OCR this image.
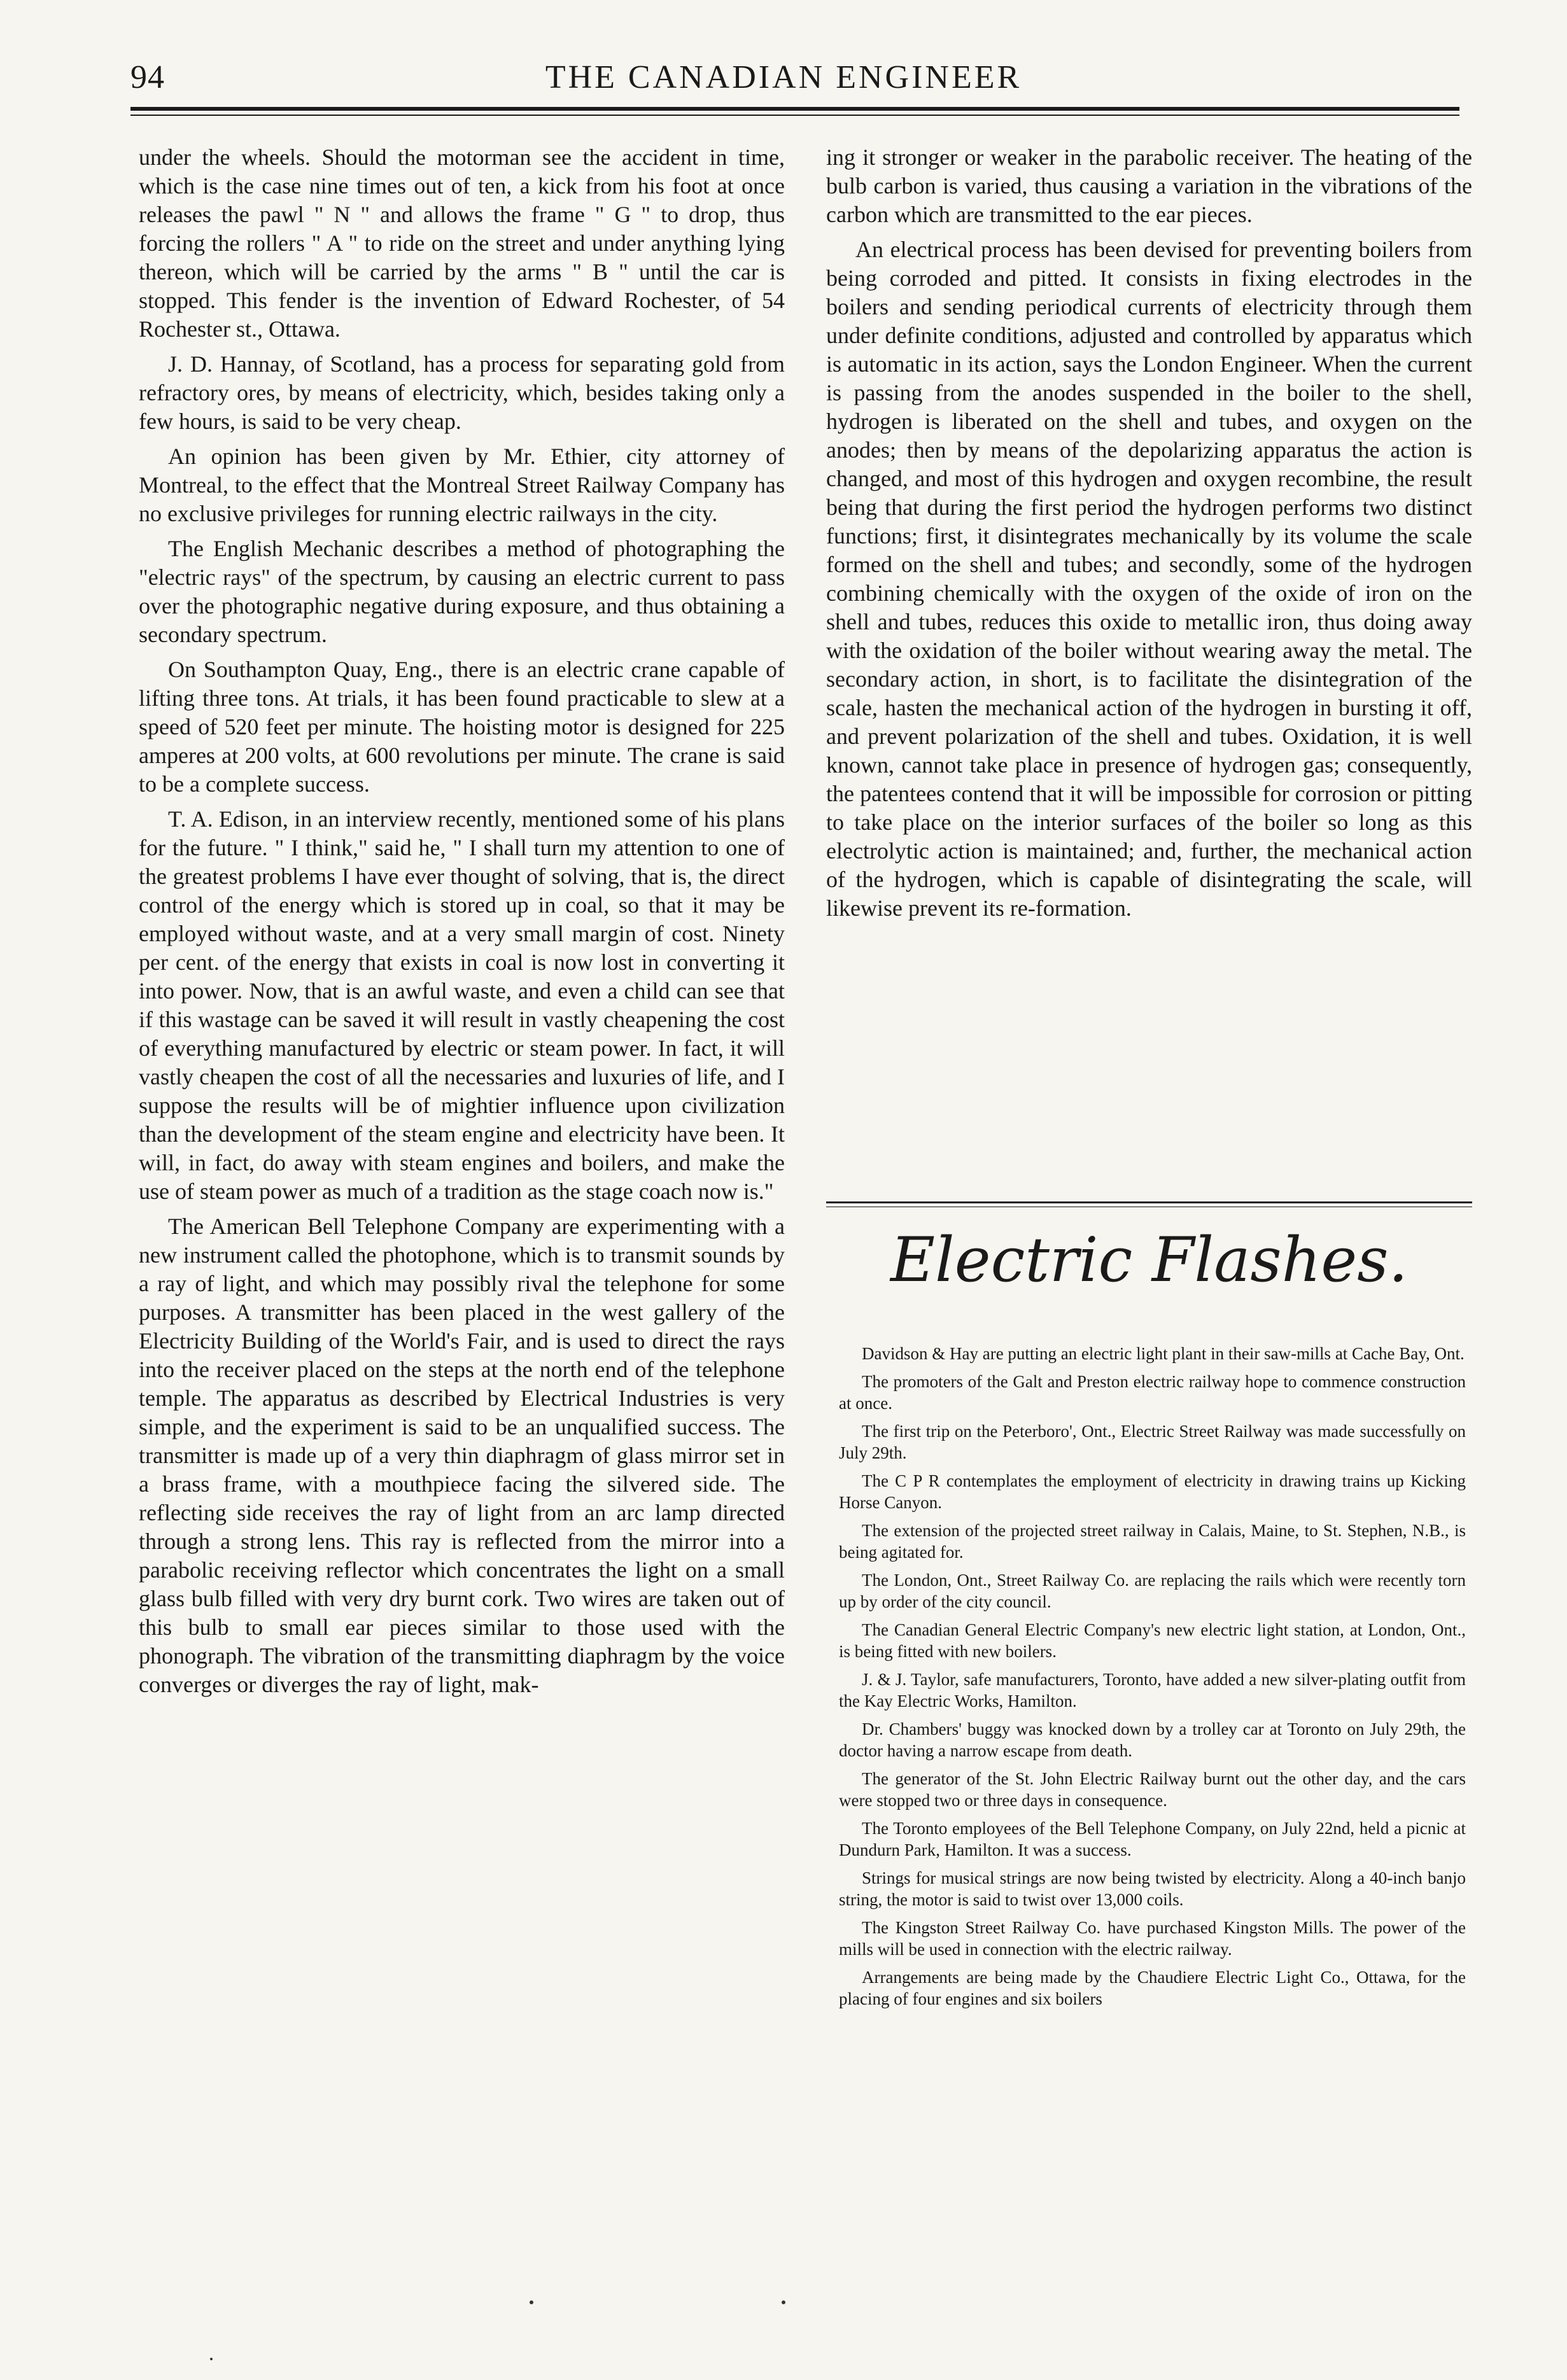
94	THE CANADIAN ENGINEER

under the wheels. Should the motorman see the accident in time, which is the case nine times out of ten, a kick from his foot at once releases the pawl " N " and allows the frame " G " to drop, thus forcing the rollers " A " to ride on the street and under anything lying thereon, which will be carried by the arms " B " until the car is stopped. This fender is the invention of Edward Rochester, of 54 Rochester st., Ottawa.

J. D. Hannay, of Scotland, has a process for separating gold from refractory ores, by means of electricity, which, besides taking only a few hours, is said to be very cheap.

An opinion has been given by Mr. Ethier, city attorney of Montreal, to the effect that the Montreal Street Railway Company has no exclusive privileges for running electric railways in the city.

The English Mechanic describes a method of photographing the "electric rays" of the spectrum, by causing an electric current to pass over the photographic negative during exposure, and thus obtaining a secondary spectrum.

On Southampton Quay, Eng., there is an electric crane capable of lifting three tons. At trials, it has been found practicable to slew at a speed of 520 feet per minute. The hoisting motor is designed for 225 amperes at 200 volts, at 600 revolutions per minute. The crane is said to be a complete success.

T. A. Edison, in an interview recently, mentioned some of his plans for the future. " I think," said he, " I shall turn my attention to one of the greatest problems I have ever thought of solving, that is, the direct control of the energy which is stored up in coal, so that it may be employed without waste, and at a very small margin of cost. Ninety per cent. of the energy that exists in coal is now lost in converting it into power. Now, that is an awful waste, and even a child can see that if this wastage can be saved it will result in vastly cheapening the cost of everything manufactured by electric or steam power. In fact, it will vastly cheapen the cost of all the necessaries and luxuries of life, and I suppose the results will be of mightier influence upon civilization than the development of the steam engine and electricity have been. It will, in fact, do away with steam engines and boilers, and make the use of steam power as much of a tradition as the stage coach now is."

The American Bell Telephone Company are experimenting with a new instrument called the photophone, which is to transmit sounds by a ray of light, and which may possibly rival the telephone for some purposes. A transmitter has been placed in the west gallery of the Electricity Building of the World's Fair, and is used to direct the rays into the receiver placed on the steps at the north end of the telephone temple. The apparatus as described by Electrical Industries is very simple, and the experiment is said to be an unqualified success. The transmitter is made up of a very thin diaphragm of glass mirror set in a brass frame, with a mouthpiece facing the silvered side. The reflecting side receives the ray of light from an arc lamp directed through a strong lens. This ray is reflected from the mirror into a parabolic receiving reflector which concentrates the light on a small glass bulb filled with very dry burnt cork. Two wires are taken out of this bulb to small ear pieces similar to those used with the phonograph. The vibration of the transmitting diaphragm by the voice converges or diverges the ray of light, mak-

ing it stronger or weaker in the parabolic receiver. The heating of the bulb carbon is varied, thus causing a variation in the vibrations of the carbon which are transmitted to the ear pieces.

An electrical process has been devised for preventing boilers from being corroded and pitted. It consists in fixing electrodes in the boilers and sending periodical currents of electricity through them under definite conditions, adjusted and controlled by apparatus which is automatic in its action, says the London Engineer. When the current is passing from the anodes suspended in the boiler to the shell, hydrogen is liberated on the shell and tubes, and oxygen on the anodes; then by means of the depolarizing apparatus the action is changed, and most of this hydrogen and oxygen recombine, the result being that during the first period the hydrogen performs two distinct functions; first, it disintegrates mechanically by its volume the scale formed on the shell and tubes; and secondly, some of the hydrogen combining chemically with the oxygen of the oxide of iron on the shell and tubes, reduces this oxide to metallic iron, thus doing away with the oxidation of the boiler without wearing away the metal. The secondary action, in short, is to facilitate the disintegration of the scale, hasten the mechanical action of the hydrogen in bursting it off, and prevent polarization of the shell and tubes. Oxidation, it is well known, cannot take place in presence of hydrogen gas; consequently, the patentees contend that it will be impossible for corrosion or pitting to take place on the interior surfaces of the boiler so long as this electrolytic action is maintained; and, further, the mechanical action of the hydrogen, which is capable of disintegrating the scale, will likewise prevent its re-formation.

Electric Flashes.

Davidson & Hay are putting an electric light plant in their saw-mills at Cache Bay, Ont.

The promoters of the Galt and Preston electric railway hope to commence construction at once.

The first trip on the Peterboro', Ont., Electric Street Railway was made successfully on July 29th.

The C P R contemplates the employment of electricity in drawing trains up Kicking Horse Canyon.

The extension of the projected street railway in Calais, Maine, to St. Stephen, N.B., is being agitated for.

The London, Ont., Street Railway Co. are replacing the rails which were recently torn up by order of the city council.

The Canadian General Electric Company's new electric light station, at London, Ont., is being fitted with new boilers.

J. & J. Taylor, safe manufacturers, Toronto, have added a new silver-plating outfit from the Kay Electric Works, Hamilton.

Dr. Chambers' buggy was knocked down by a trolley car at Toronto on July 29th, the doctor having a narrow escape from death.

The generator of the St. John Electric Railway burnt out the other day, and the cars were stopped two or three days in consequence.

The Toronto employees of the Bell Telephone Company, on July 22nd, held a picnic at Dundurn Park, Hamilton. It was a success.

Strings for musical strings are now being twisted by electricity. Along a 40-inch banjo string, the motor is said to twist over 13,000 coils.

The Kingston Street Railway Co. have purchased Kingston Mills. The power of the mills will be used in connection with the electric railway.

Arrangements are being made by the Chaudiere Electric Light Co., Ottawa, for the placing of four engines and six boilers
